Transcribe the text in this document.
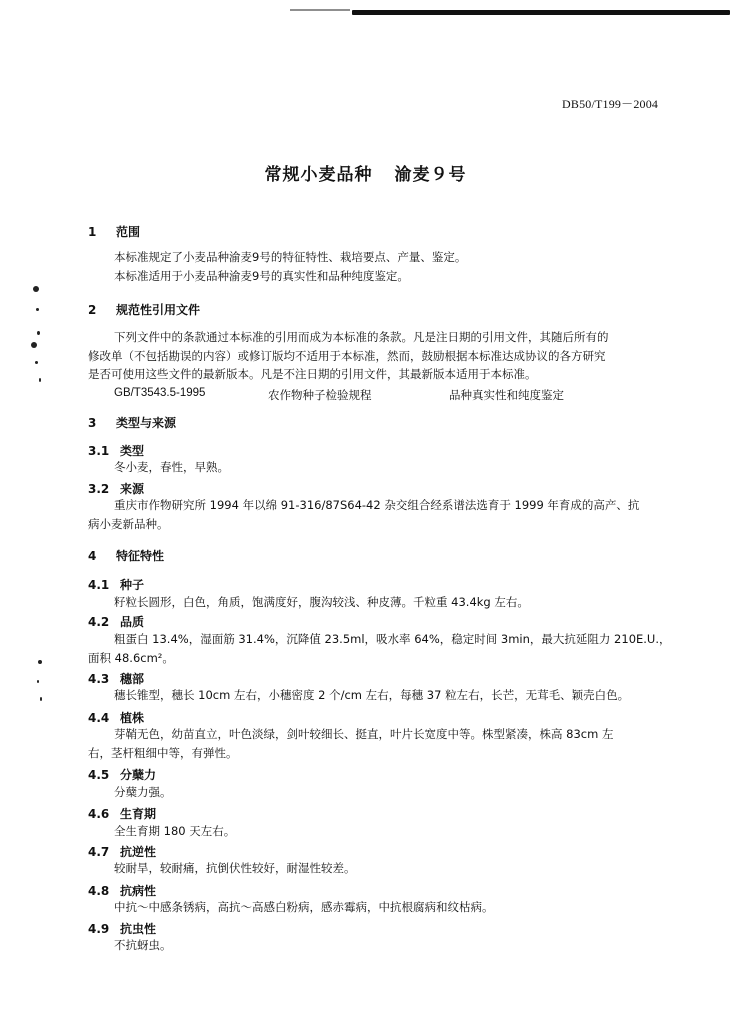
DB50/T199－2004
常规小麦品种 渝麦９号
1 范围
本标准规定了小麦品种渝麦9号的特征特性、栽培要点、产量、鉴定。
本标准适用于小麦品种渝麦9号的真实性和品种纯度鉴定。
2 规范性引用文件
下列文件中的条款通过本标准的引用而成为本标准的条款。凡是注日期的引用文件，其随后所有的
修改单（不包括勘误的内容）或修订版均不适用于本标准，然而，鼓励根据本标准达成协议的各方研究
是否可使用这些文件的最新版本。凡是不注日期的引用文件，其最新版本适用于本标准。
GB/T3543.5-1995	农作物种子检验规程	品种真实性和纯度鉴定
3 类型与来源
3.1 类型
冬小麦，春性，早熟。
3.2 来源
重庆市作物研究所 1994 年以绵 91-316/87S64-42 杂交组合经系谱法选育于 1999 年育成的高产、抗
病小麦新品种。
4 特征特性
4.1 种子
籽粒长圆形，白色，角质，饱满度好，腹沟较浅、种皮薄。千粒重 43.4kg 左右。
4.2 品质
粗蛋白 13.4%，湿面筋 31.4%，沉降值 23.5ml，吸水率 64%，稳定时间 3min，最大抗延阻力 210E.U.，
面积 48.6cm²。
4.3 穗部
穗长锥型，穗长 10cm 左右，小穗密度 2 个/cm 左右，每穗 37 粒左右，长芒，无茸毛、颖壳白色。
4.4 植株
芽鞘无色，幼苗直立，叶色淡绿，剑叶较细长、挺直，叶片长宽度中等。株型紧凑，株高 83cm 左
右，茎杆粗细中等，有弹性。
4.5 分蘖力
分蘖力强。
4.6 生育期
全生育期 180 天左右。
4.7 抗逆性
较耐旱，较耐痛，抗倒伏性较好，耐湿性较差。
4.8 抗病性
中抗～中感条锈病，高抗～高感白粉病，感赤霉病，中抗根腐病和纹枯病。
4.9 抗虫性
不抗蚜虫。
